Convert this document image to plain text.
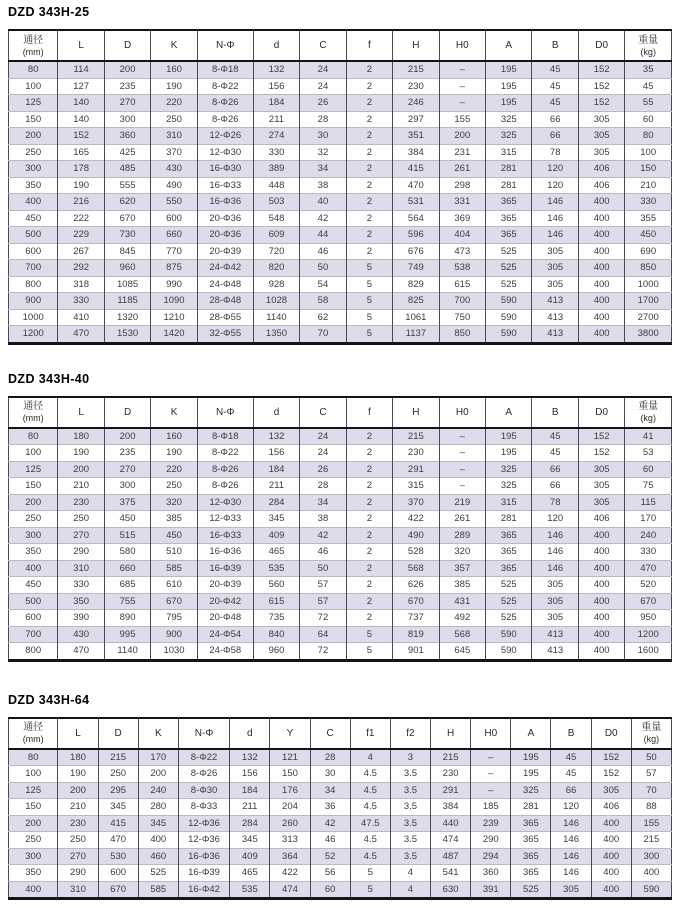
DZD 343H-25
通径
(mm)	L	D	K	N-Φ	d	C	f	H	H0	A	B	D0	重量
(kg)

80	114	200	160	8-Φ18	132	24	2	215	–	195	45	152	35
100	127	235	190	8-Φ22	156	24	2	230	–	195	45	152	45
125	140	270	220	8-Φ26	184	26	2	246	–	195	45	152	55
150	140	300	250	8-Φ26	211	28	2	297	155	325	66	305	60
200	152	360	310	12-Φ26	274	30	2	351	200	325	66	305	80
250	165	425	370	12-Φ30	330	32	2	384	231	315	78	305	100
300	178	485	430	16-Φ30	389	34	2	415	261	281	120	406	150
350	190	555	490	16-Φ33	448	38	2	470	298	281	120	406	210
400	216	620	550	16-Φ36	503	40	2	531	331	365	146	400	330
450	222	670	600	20-Φ36	548	42	2	564	369	365	146	400	355
500	229	730	660	20-Φ36	609	44	2	596	404	365	146	400	450
600	267	845	770	20-Φ39	720	46	2	676	473	525	305	400	690
700	292	960	875	24-Φ42	820	50	5	749	538	525	305	400	850
800	318	1085	990	24-Φ48	928	54	5	829	615	525	305	400	1000
900	330	1185	1090	28-Φ48	1028	58	5	825	700	590	413	400	1700
1000	410	1320	1210	28-Φ55	1140	62	5	1061	750	590	413	400	2700
1200	470	1530	1420	32-Φ55	1350	70	5	1137	850	590	413	400	3800
DZD 343H-40
通径
(mm)	L	D	K	N-Φ	d	C	f	H	H0	A	B	D0	重量
(kg)

80	180	200	160	8-Φ18	132	24	2	215	–	195	45	152	41
100	190	235	190	8-Φ22	156	24	2	230	–	195	45	152	53
125	200	270	220	8-Φ26	184	26	2	291	–	325	66	305	60
150	210	300	250	8-Φ26	211	28	2	315	–	325	66	305	75
200	230	375	320	12-Φ30	284	34	2	370	219	315	78	305	115
250	250	450	385	12-Φ33	345	38	2	422	261	281	120	406	170
300	270	515	450	16-Φ33	409	42	2	490	289	365	146	400	240
350	290	580	510	16-Φ36	465	46	2	528	320	365	146	400	330
400	310	660	585	16-Φ39	535	50	2	568	357	365	146	400	470
450	330	685	610	20-Φ39	560	57	2	626	385	525	305	400	520
500	350	755	670	20-Φ42	615	57	2	670	431	525	305	400	670
600	390	890	795	20-Φ48	735	72	2	737	492	525	305	400	950
700	430	995	900	24-Φ54	840	64	5	819	568	590	413	400	1200
800	470	1140	1030	24-Φ58	960	72	5	901	645	590	413	400	1600
DZD 343H-64
通径
(mm)	L	D	K	N-Φ	d	Y	C	f1	f2	H	H0	A	B	D0	重量
(kg)

80	180	215	170	8-Φ22	132	121	28	4	3	215	–	195	45	152	50
100	190	250	200	8-Φ26	156	150	30	4.5	3.5	230	–	195	45	152	57
125	200	295	240	8-Φ30	184	176	34	4.5	3.5	291	–	325	66	305	70
150	210	345	280	8-Φ33	211	204	36	4.5	3.5	384	185	281	120	406	88
200	230	415	345	12-Φ36	284	260	42	47.5	3.5	440	239	365	146	400	155
250	250	470	400	12-Φ36	345	313	46	4.5	3.5	474	290	365	146	400	215
300	270	530	460	16-Φ36	409	364	52	4.5	3.5	487	294	365	146	400	300
350	290	600	525	16-Φ39	465	422	56	5	4	541	360	365	146	400	400
400	310	670	585	16-Φ42	535	474	60	5	4	630	391	525	305	400	590
